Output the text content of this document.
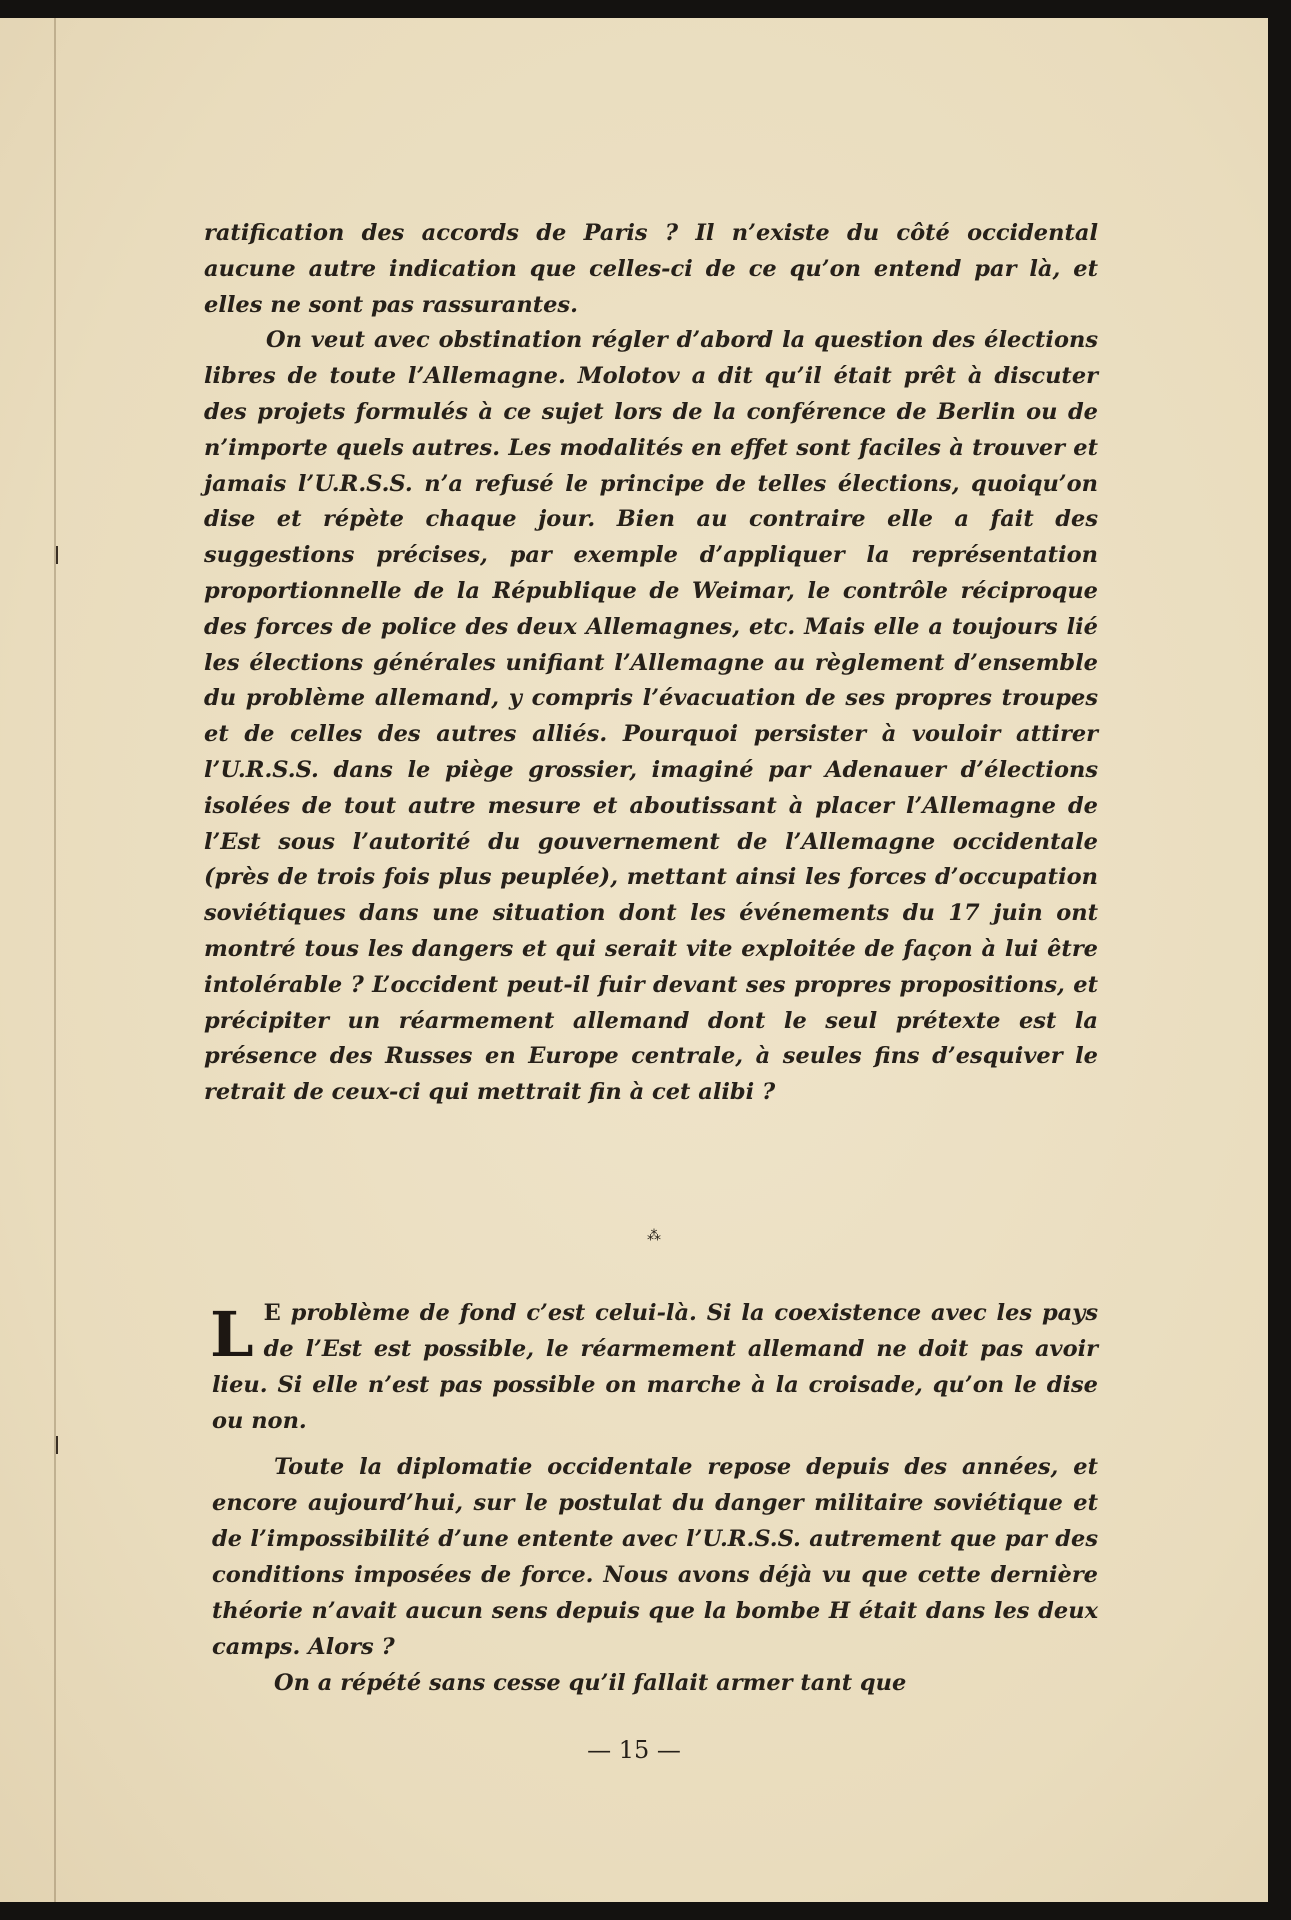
ratification des accords de Paris ? Il n’existe du côté occidental aucune autre indication que celles-ci de ce qu’on entend par là, et elles ne sont pas rassurantes.

On veut avec obstination régler d’abord la question des élections libres de toute l’Allemagne. Molotov a dit qu’il était prêt à discuter des projets formulés à ce sujet lors de la conférence de Berlin ou de n’importe quels autres. Les modalités en effet sont faciles à trouver et jamais l’U.R.S.S. n’a refusé le principe de telles élections, quoiqu’on dise et répète chaque jour. Bien au contraire elle a fait des suggestions précises, par exemple d’appliquer la représentation proportionnelle de la République de Weimar, le contrôle réciproque des forces de police des deux Allemagnes, etc. Mais elle a toujours lié les élections générales unifiant l’Allemagne au règlement d’ensemble du problème allemand, y compris l’évacuation de ses propres troupes et de celles des autres alliés. Pourquoi persister à vouloir attirer l’U.R.S.S. dans le piège grossier, imaginé par Adenauer d’élections isolées de tout autre mesure et aboutissant à placer l’Allemagne de l’Est sous l’autorité du gouvernement de l’Allemagne occidentale (près de trois fois plus peuplée), mettant ainsi les forces d’occupation soviétiques dans une situation dont les événements du 17 juin ont montré tous les dangers et qui serait vite exploitée de façon à lui être intolérable ? L’occident peut-il fuir devant ses propres propositions, et précipiter un réarmement allemand dont le seul prétexte est la présence des Russes en Europe centrale, à seules fins d’esquiver le retrait de ceux-ci qui mettrait fin à cet alibi ?

⁂

L E problème de fond c’est celui-là. Si la coexistence avec les pays de l’Est est possible, le réarmement allemand ne doit pas avoir lieu. Si elle n’est pas possible on marche à la croisade, qu’on le dise ou non.

Toute la diplomatie occidentale repose depuis des années, et encore aujourd’hui, sur le postulat du danger militaire soviétique et de l’impossibilité d’une entente avec l’U.R.S.S. autrement que par des conditions imposées de force. Nous avons déjà vu que cette dernière théorie n’avait aucun sens depuis que la bombe H était dans les deux camps. Alors ?

On a répété sans cesse qu’il fallait armer tant que

— 15 —
